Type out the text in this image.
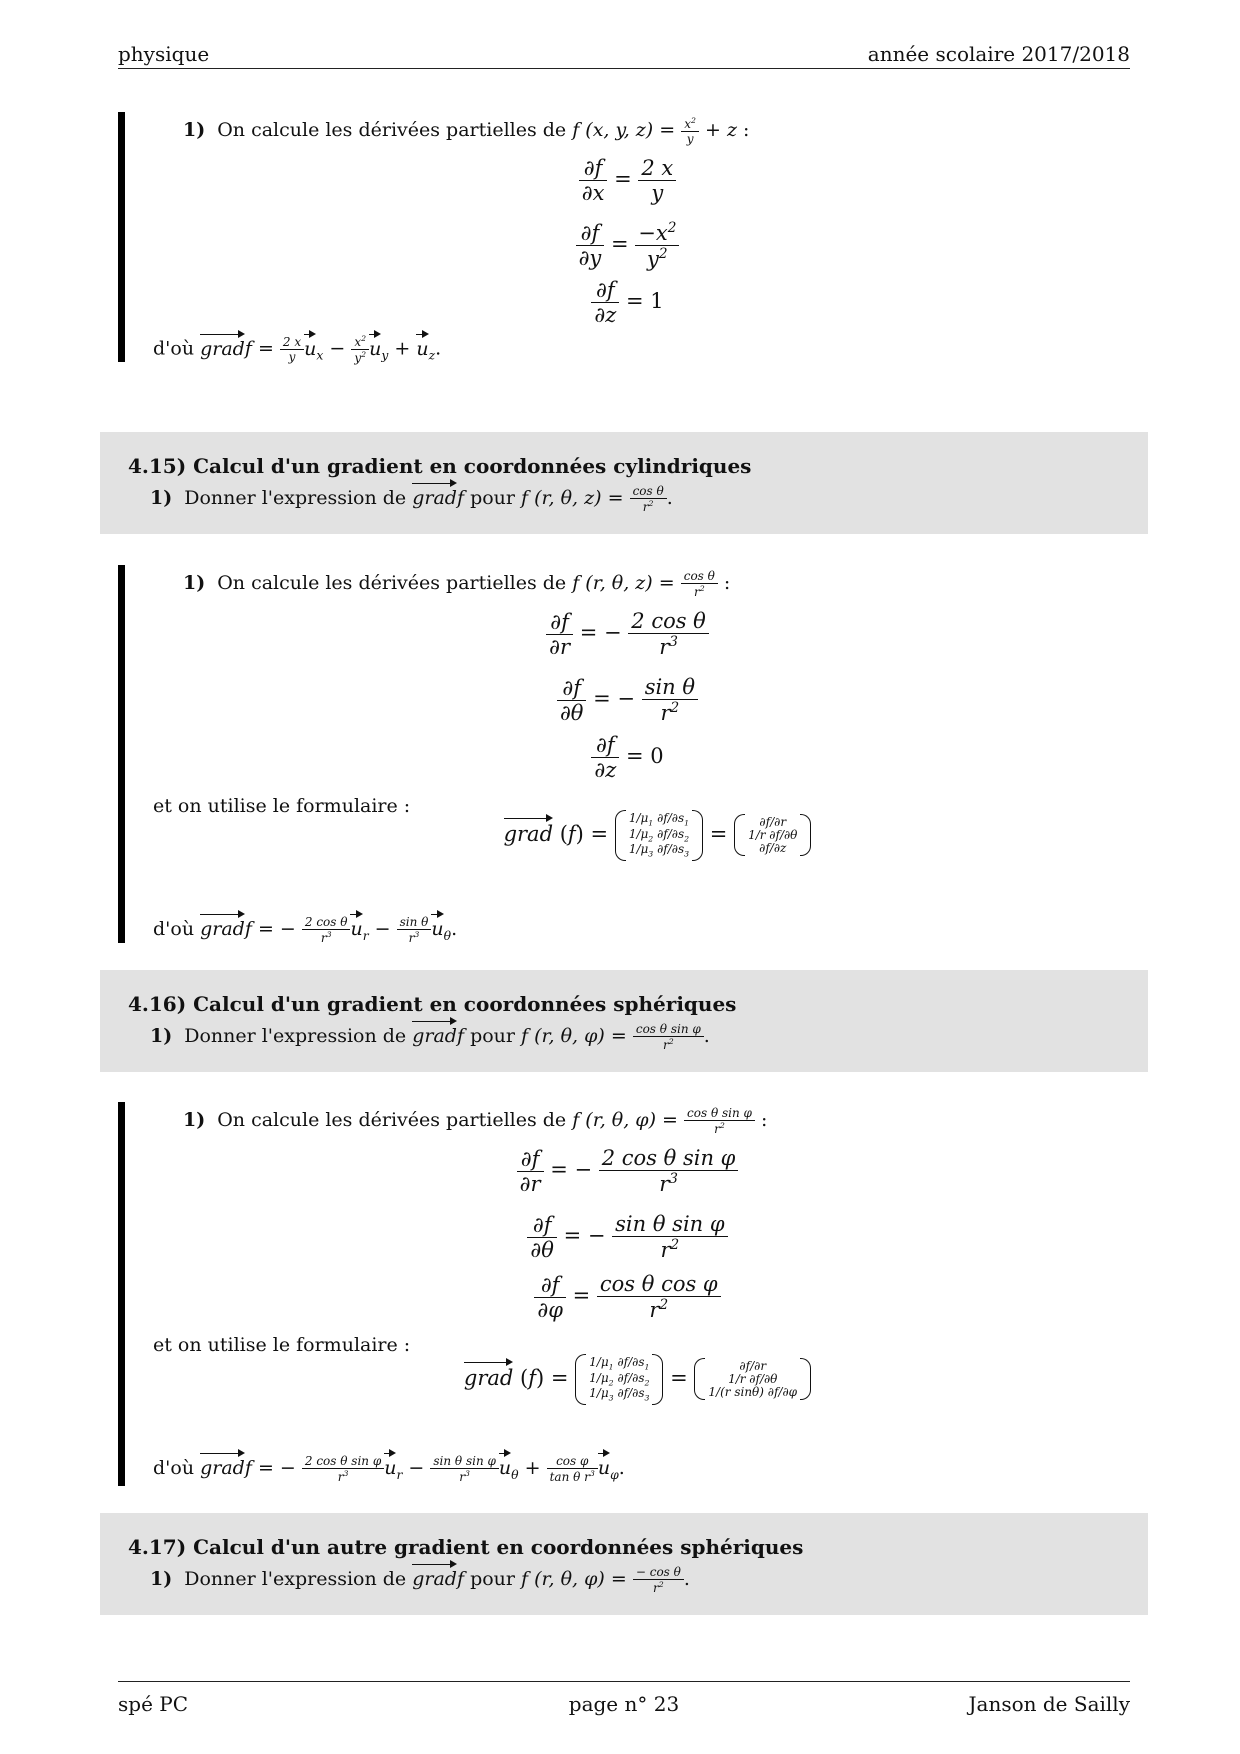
physique	année scolaire 2017/2018
1) On calcule les dérivées partielles de f (x, y, $z) = \frac{x^2}{y} + z$ :
$\frac{\partial f}{\partial x} = \frac{2 x}{y}$
$\frac{\partial f}{\partial y} = \frac{-x^2}{y^2}$
$\frac{\partial f}{\partial z} = 1$
d'où gradf = $\frac{2 x}{y} u_x - \frac{x^2}{y^2} u_y + u_z$.
4.15) Calcul d'un gradient en coordonnées cylindriques
1) Donner l'expression de gradf pour f (r, θ, $z) = \frac{\text{cos θ}}{r^2}$ .
1) On calcule les dérivées partielles de f (r, θ, $z) = \frac{\text{cos θ}}{r^2}$ :
$\frac{\partial f}{\partial r}$ = − $\frac{\text{2 cos θ}}{r^3}$
$\frac{\partial f}{\partial\theta}$ = − $\frac{\text{sin θ}}{r^2}$
$\frac{\partial f}{\partial z} = 0$
et on utilise le formulaire :
grad $(f) = 1/\mu_1$ $\partial f/\partial s_1$
$1/\mu_2$ $\partial f/\partial s_2$
$1/\mu_3$ $\partial f/\partial s_3 = \partial f/\partial r$
1/r ∂f/∂θ
∂f/∂z
d'où gradf = − $\frac{\text{2 cos θ}}{r^3} u_r - \frac{\text{sin θ}}{r^3} u_\theta$.
4.16) Calcul d'un gradient en coordonnées sphériques
1) Donner l'expression de gradf pour f (r, θ, $\varphi) = \frac{\text{cos θ sin φ}}{r^2}$ .
1) On calcule les dérivées partielles de f (r, θ, $\varphi) = \frac{\text{cos θ sin φ}}{r^2}$ :
$\frac{\partial f}{\partial r}$ = − $\frac{\text{2 cos θ sin φ}}{r^3}$
$\frac{\partial f}{\partial\theta}$ = − $\frac{\text{sin θ sin φ}}{r^2}$
$\frac{\partial f}{\partial\varphi} = \frac{\text{cos θ cos φ}}{r^2}$
et on utilise le formulaire :
grad $(f) = 1/\mu_1$ $\partial f/\partial s_1$
$1/\mu_2$ $\partial f/\partial s_2$
$1/\mu_3$ $\partial f/\partial s_3$ =	∂f/∂r
1/r ∂f/∂θ
1/(r sinθ) ∂f/∂φ
d'où gradf = − $\frac{\text{2 cos θ sin φ}}{r^3} u_r - \frac{\text{sin θ sin φ}}{r^3} u_\theta + \frac{\text{cos φ}}{\tan \theta r^3} u_\varphi$.
4.17) Calcul d'un autre gradient en coordonnées sphériques
1) Donner l'expression de gradf pour f (r, θ, $\varphi) = \frac{\text{− cos θ}}{r^2}$ .
spé PC	page n° 23	Janson de Sailly
